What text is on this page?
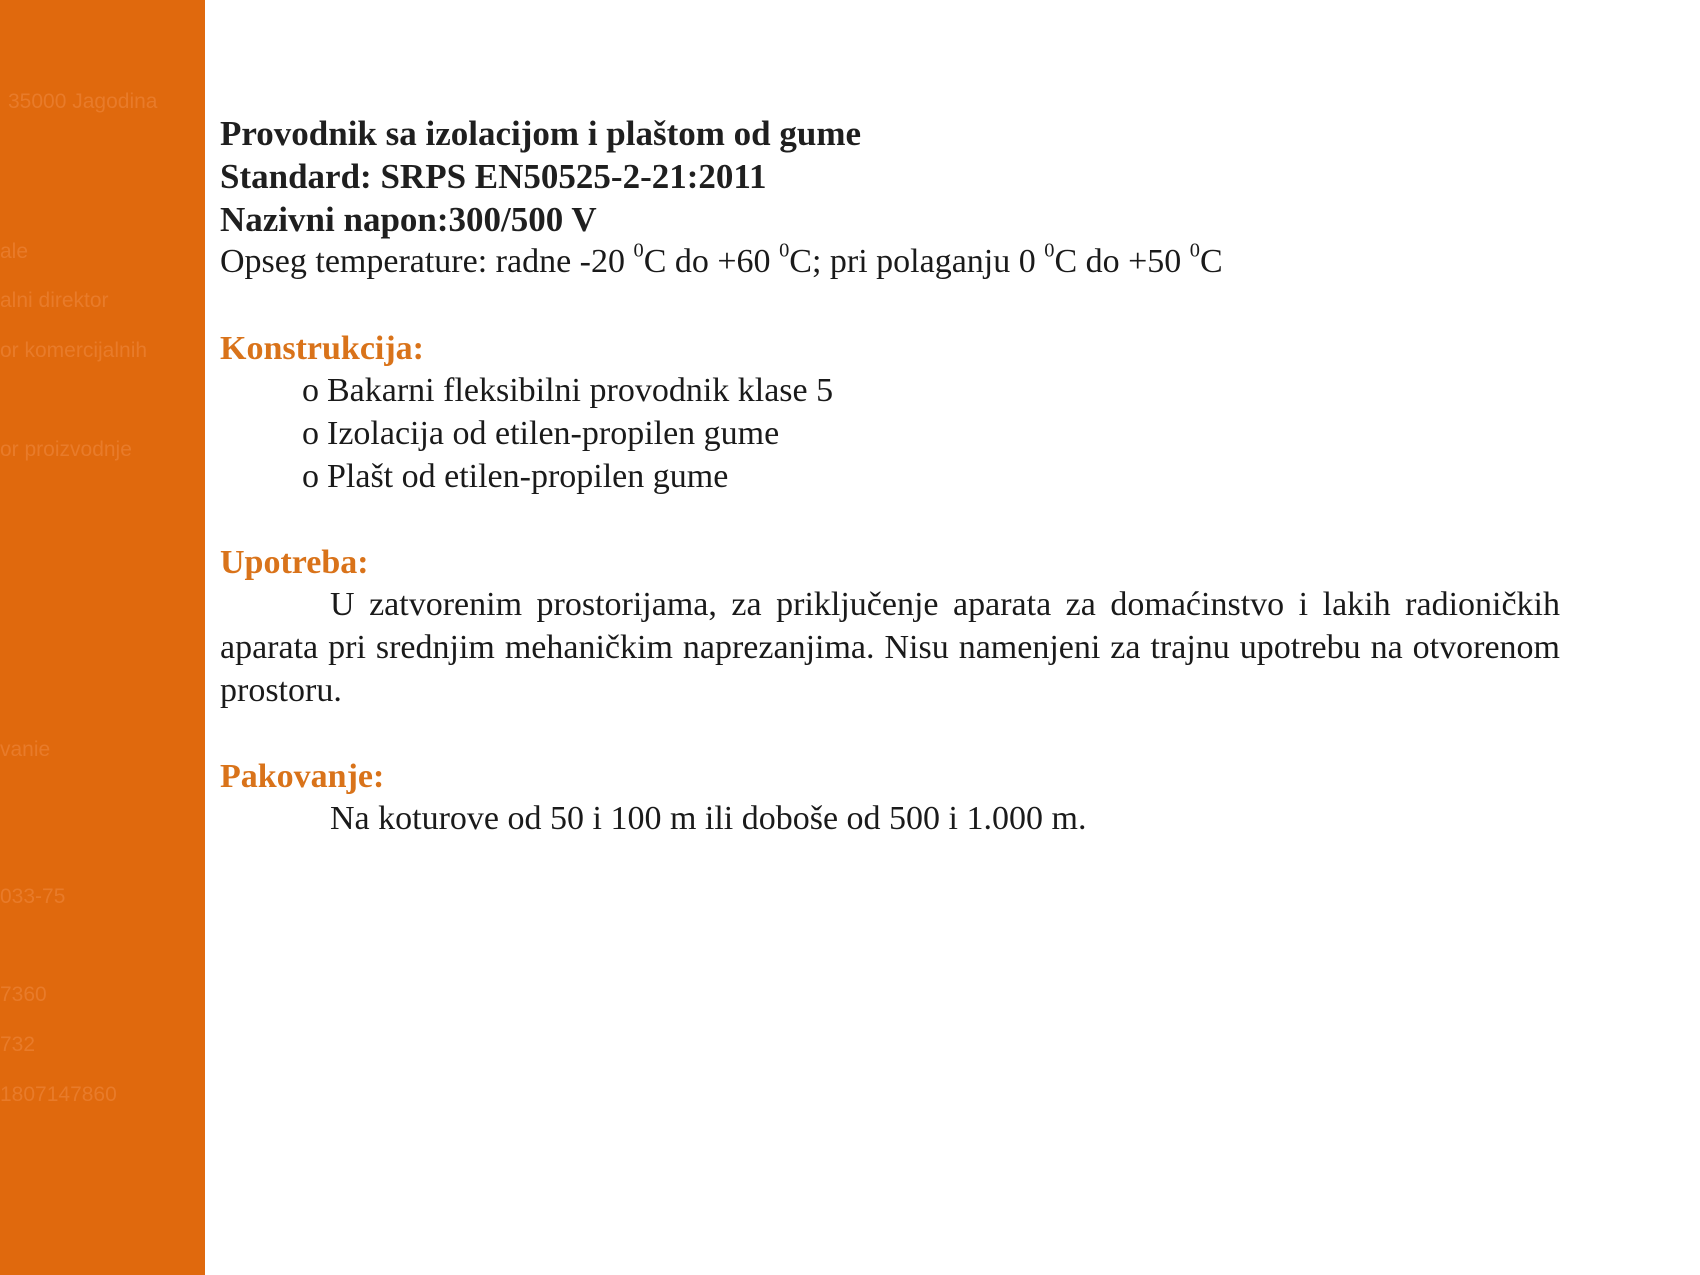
35000 Jagodina
ale
alni direktor
or komercijalnih
or proizvodnje
vanie
033-75
7360
732
1807147860
Provodnik sa izolacijom i plaštom od gume
Standard: SRPS EN50525-2-21:2011
Nazivni napon:300/500 V
Opseg temperature: radne -20 $^0$C do +60 $^0$C; pri polaganju 0 $^0$C do +50 $^0$C
Konstrukcija:
o Bakarni fleksibilni provodnik klase 5
o Izolacija od etilen-propilen gume
o Plašt od etilen-propilen gume
Upotreba:
U zatvorenim prostorijama, za priključenje aparata za domaćinstvo i lakih radioničkih aparata pri srednjim mehaničkim naprezanjima. Nisu namenjeni za trajnu upotrebu na otvorenom prostoru.
Pakovanje:
Na koturove od 50 i 100 m ili doboše od 500 i 1.000 m.
